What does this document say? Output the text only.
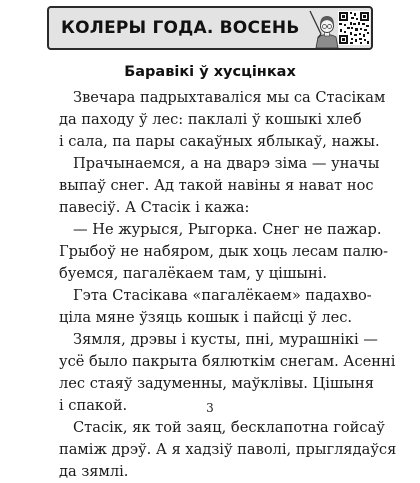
КОЛЕРЫ ГОДА. ВОСЕНЬ
Баравікі ў хусцінках
Звечара падрыхтаваліся мы са Стасікам
да паходу ў лес: паклалі ў кошыкі хлеб
і сала, па пары сакаўных яблыкаў, нажы.
Прачынаемся, а на дварэ зіма — уначы
выпаў снег. Ад такой навіны я нават нос
павесіў. А Стасік і кажа:
— Не журыся, Рыгорка. Снег не пажар.
Грыбоў не набяром, дык хоць лесам палю-
буемся, пагалёкаем там, у цішыні.
Гэта Стасікава «пагалёкаем» падахво-
ціла мяне ўзяць кошык і пайсці ў лес.
Зямля, дрэвы і кусты, пні, мурашнікі —
усё было пакрыта бялюткім снегам. Асенні
лес стаяў задуменны, маўклівы. Цішыня
і спакой.
Стасік, як той заяц, бесклапотна гойсаў
паміж дрэў. А я хадзіў паволі, прыглядаўся
да зямлі.
3
